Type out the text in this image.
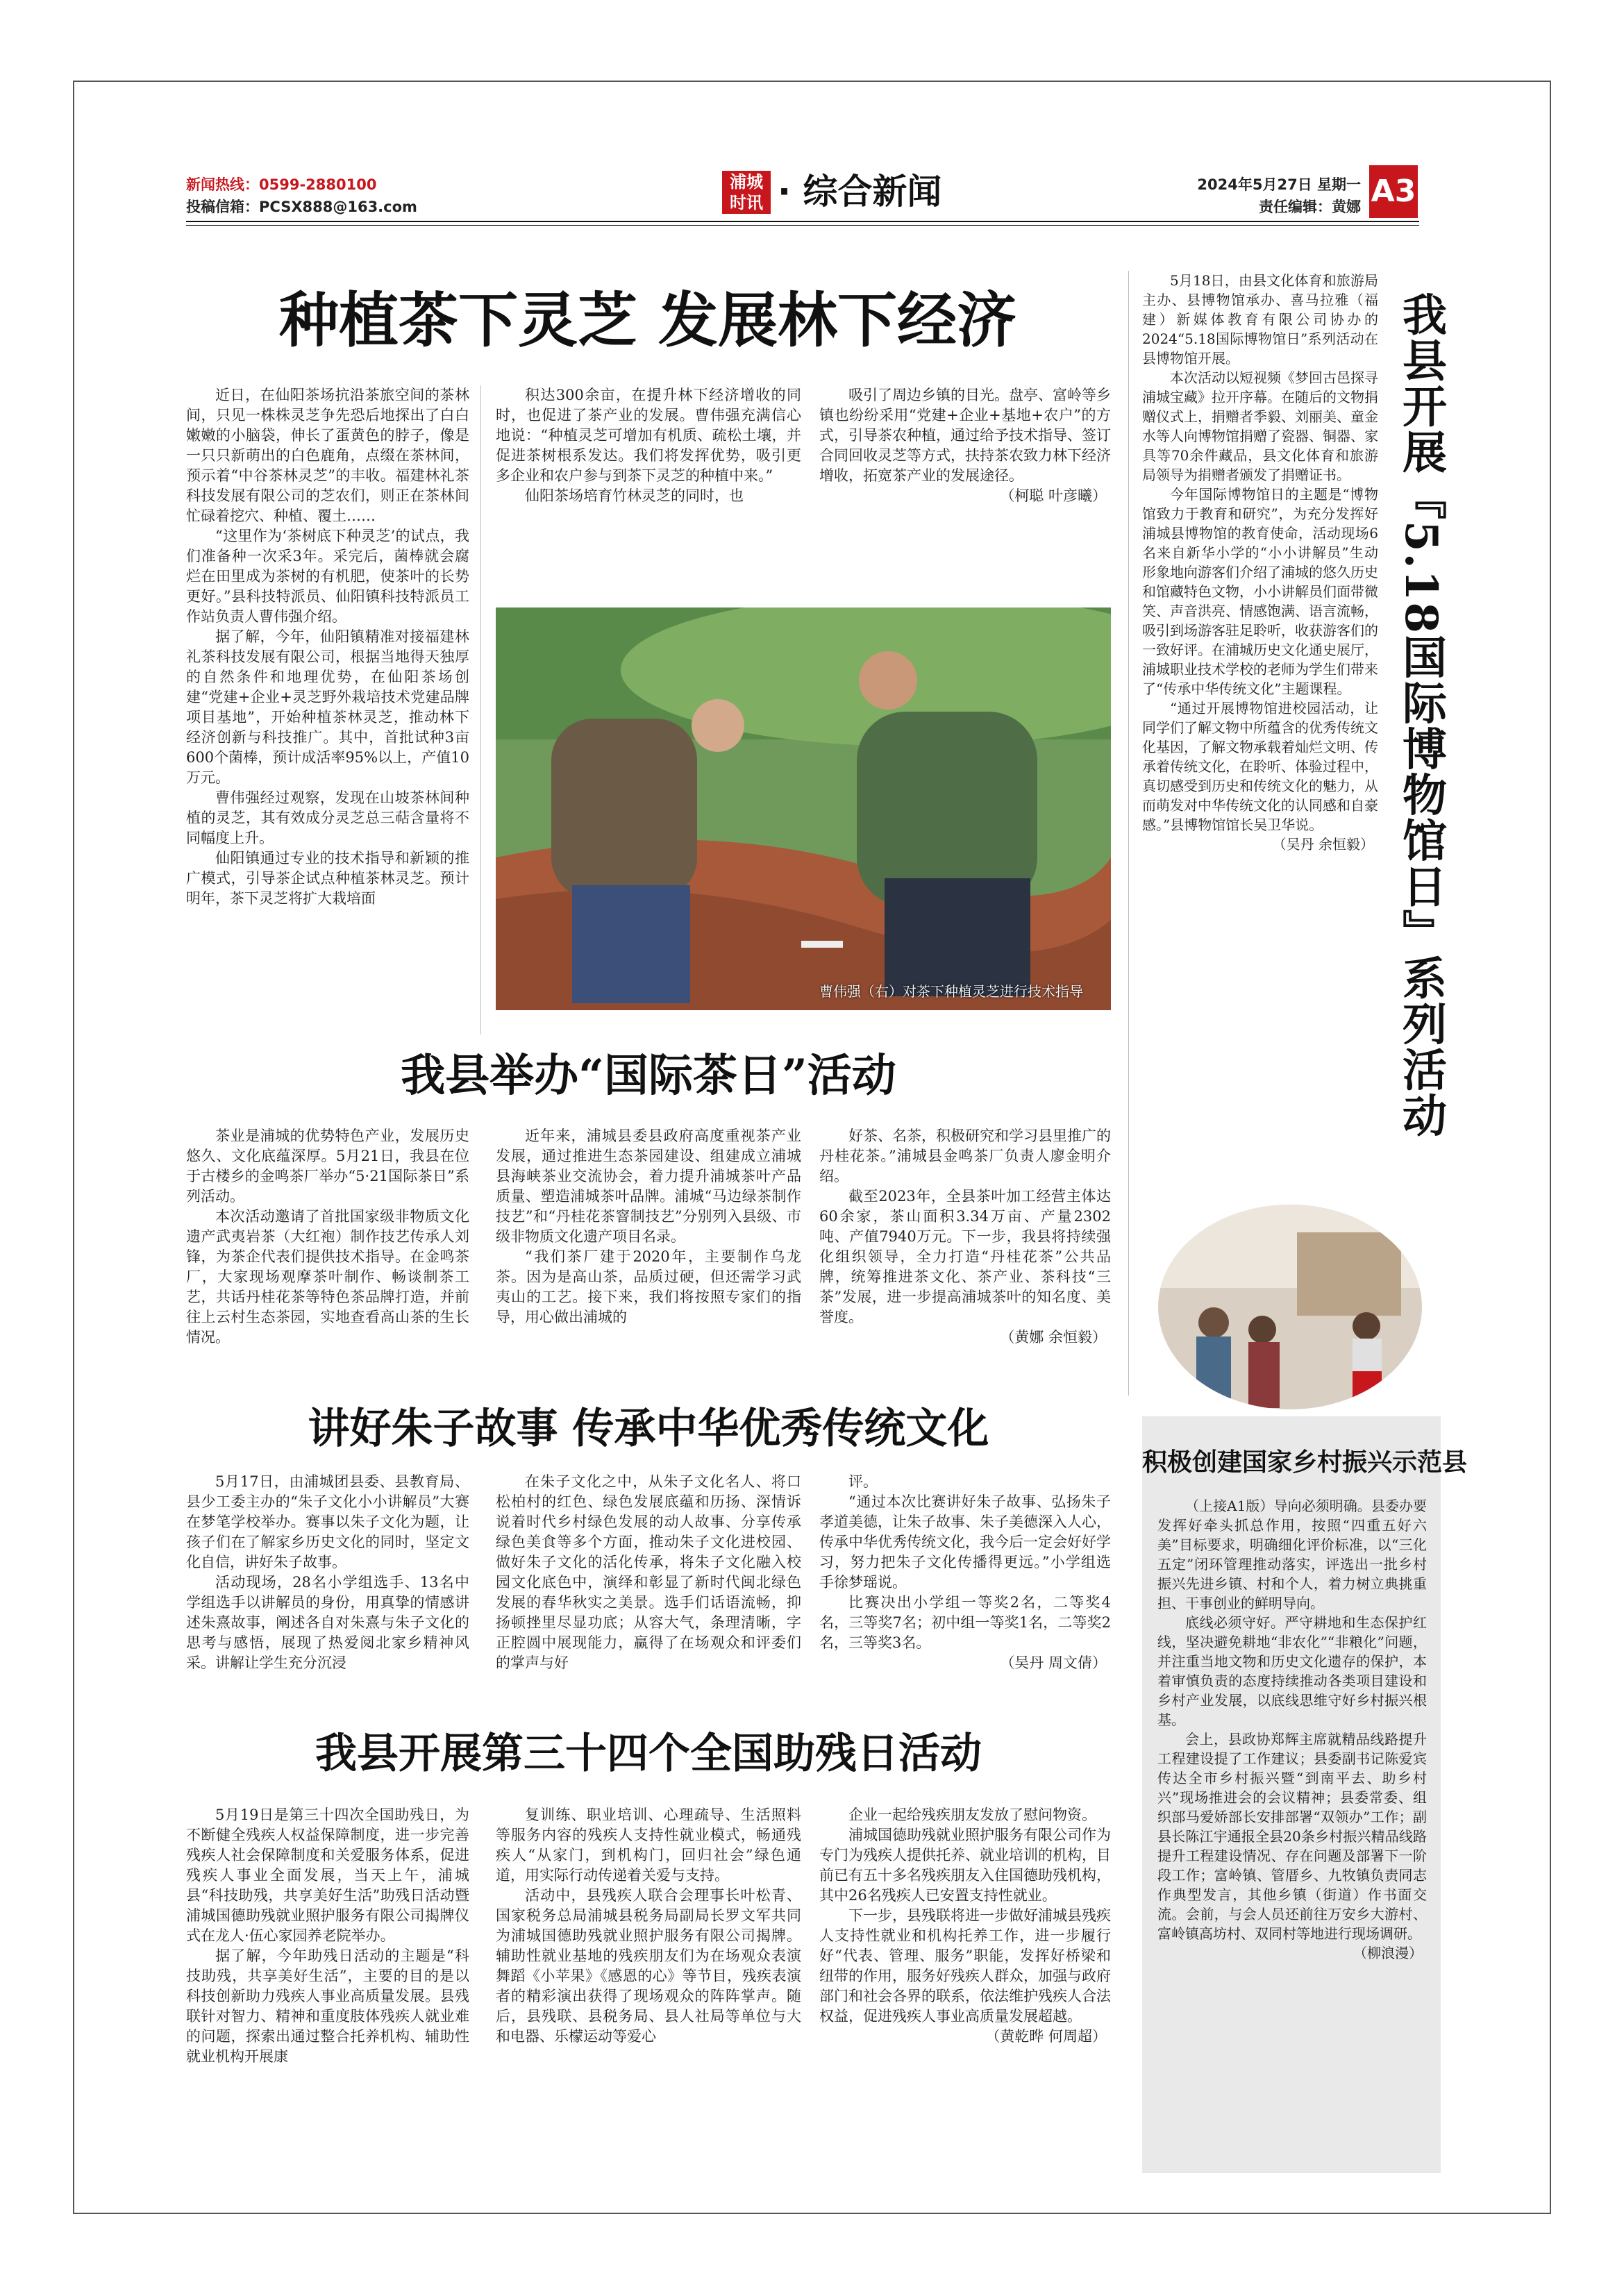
新闻热线：0599-2880100
投稿信箱：PCSX888@163.com
浦城时讯 · 综合新闻	2024年5月27日 星期一
责任编辑：黄娜 A3
种植茶下灵芝 发展林下经济

近日，在仙阳茶场抗沿茶旅空间的茶林间，只见一株株灵芝争先恐后地探出了白白嫩嫩的小脑袋，伸长了蛋黄色的脖子，像是一只只新萌出的白色鹿角，点缀在茶林间，预示着“中谷茶林灵芝”的丰收。福建林礼茶科技发展有限公司的芝农们，则正在茶林间忙碌着挖穴、种植、覆土……

“这里作为‘茶树底下种灵芝’的试点，我们准备种一次采3年。采完后，菌棒就会腐烂在田里成为茶树的有机肥，使茶叶的长势更好。”县科技特派员、仙阳镇科技特派员工作站负责人曹伟强介绍。

据了解，今年，仙阳镇精准对接福建林礼茶科技发展有限公司，根据当地得天独厚的自然条件和地理优势，在仙阳茶场创建“党建+企业+灵芝野外栽培技术党建品牌项目基地”，开始种植茶林灵芝，推动林下经济创新与科技推广。其中，首批试种3亩600个菌棒，预计成活率95%以上，产值10万元。

曹伟强经过观察，发现在山坡茶林间种植的灵芝，其有效成分灵芝总三萜含量将不同幅度上升。

仙阳镇通过专业的技术指导和新颖的推广模式，引导茶企试点种植茶林灵芝。预计明年，茶下灵芝将扩大栽培面

积达300余亩，在提升林下经济增收的同时，也促进了茶产业的发展。曹伟强充满信心地说：“种植灵芝可增加有机质、疏松土壤，并促进茶树根系发达。我们将发挥优势，吸引更多企业和农户参与到茶下灵芝的种植中来。”

仙阳茶场培育竹林灵芝的同时，也

吸引了周边乡镇的目光。盘亭、富岭等乡镇也纷纷采用“党建+企业+基地+农户”的方式，引导茶农种植，通过给予技术指导、签订合同回收灵芝等方式，扶持茶农致力林下经济增收，拓宽茶产业的发展途径。

（柯聪 叶彦曦）

曹伟强（右）对茶下种植灵芝进行技术指导
我县举办“国际茶日”活动

茶业是浦城的优势特色产业，发展历史悠久、文化底蕴深厚。5月21日，我县在位于古楼乡的金鸣茶厂举办“5·21国际茶日”系列活动。

本次活动邀请了首批国家级非物质文化遗产武夷岩茶（大红袍）制作技艺传承人刘锋，为茶企代表们提供技术指导。在金鸣茶厂，大家现场观摩茶叶制作、畅谈制茶工艺，共话丹桂花茶等特色茶品牌打造，并前往上云村生态茶园，实地查看高山茶的生长情况。

近年来，浦城县委县政府高度重视茶产业发展，通过推进生态茶园建设、组建成立浦城县海峡茶业交流协会，着力提升浦城茶叶产品质量、塑造浦城茶叶品牌。浦城“马边绿茶制作技艺”和“丹桂花茶窨制技艺”分别列入县级、市级非物质文化遗产项目名录。

“我们茶厂建于2020年，主要制作乌龙茶。因为是高山茶，品质过硬，但还需学习武夷山的工艺。接下来，我们将按照专家们的指导，用心做出浦城的

好茶、名茶，积极研究和学习县里推广的丹桂花茶。”浦城县金鸣茶厂负责人廖金明介绍。

截至2023年，全县茶叶加工经营主体达60余家，茶山面积3.34万亩、产量2302吨、产值7940万元。下一步，我县将持续强化组织领导，全力打造“丹桂花茶”公共品牌，统筹推进茶文化、茶产业、茶科技“三茶”发展，进一步提高浦城茶叶的知名度、美誉度。

（黄娜 余恒毅）

讲好朱子故事 传承中华优秀传统文化

5月17日，由浦城团县委、县教育局、县少工委主办的“朱子文化小小讲解员”大赛在梦笔学校举办。赛事以朱子文化为题，让孩子们在了解家乡历史文化的同时，坚定文化自信，讲好朱子故事。

活动现场，28名小学组选手、13名中学组选手以讲解员的身份，用真挚的情感讲述朱熹故事，阐述各自对朱熹与朱子文化的思考与感悟，展现了热爱阅北家乡精神风采。讲解让学生充分沉浸

在朱子文化之中，从朱子文化名人、将口松柏村的红色、绿色发展底蕴和历扬、深情诉说着时代乡村绿色发展的动人故事、分享传承绿色美食等多个方面，推动朱子文化进校园、做好朱子文化的活化传承，将朱子文化融入校园文化底色中，演绎和彰显了新时代闽北绿色发展的春华秋实之美景。选手们话语流畅，抑扬顿挫里尽显功底；从容大气，条理清晰，字正腔圆中展现能力，赢得了在场观众和评委们的掌声与好

评。

“通过本次比赛讲好朱子故事、弘扬朱子孝道美德，让朱子故事、朱子美德深入人心，传承中华优秀传统文化，我今后一定会好好学习，努力把朱子文化传播得更远。”小学组选手徐梦瑶说。

比赛决出小学组一等奖2名，二等奖4名，三等奖7名；初中组一等奖1名，二等奖2名，三等奖3名。

（吴丹 周文倩）

我县开展第三十四个全国助残日活动

5月19日是第三十四次全国助残日，为不断健全残疾人权益保障制度，进一步完善残疾人社会保障制度和关爱服务体系，促进残疾人事业全面发展，当天上午，浦城县“科技助残，共享美好生活”助残日活动暨浦城国德助残就业照护服务有限公司揭牌仪式在龙人·伍心家园养老院举办。

据了解，今年助残日活动的主题是“科技助残，共享美好生活”，主要的目的是以科技创新助力残疾人事业高质量发展。县残联针对智力、精神和重度肢体残疾人就业难的问题，探索出通过整合托养机构、辅助性就业机构开展康

复训练、职业培训、心理疏导、生活照料等服务内容的残疾人支持性就业模式，畅通残疾人“从家门，到机构门，回归社会”绿色通道，用实际行动传递着关爱与支持。

活动中，县残疾人联合会理事长叶松青、国家税务总局浦城县税务局副局长罗文军共同为浦城国德助残就业照护服务有限公司揭牌。辅助性就业基地的残疾朋友们为在场观众表演舞蹈《小苹果》《感恩的心》等节目，残疾表演者的精彩演出获得了现场观众的阵阵掌声。随后，县残联、县税务局、县人社局等单位与大和电器、乐檬运动等爱心

企业一起给残疾朋友发放了慰问物资。

浦城国德助残就业照护服务有限公司作为专门为残疾人提供托养、就业培训的机构，目前已有五十多名残疾朋友入住国德助残机构，其中26名残疾人已安置支持性就业。

下一步，县残联将进一步做好浦城县残疾人支持性就业和机构托养工作，进一步履行好“代表、管理、服务”职能，发挥好桥梁和纽带的作用，服务好残疾人群众，加强与政府部门和社会各界的联系，依法维护残疾人合法权益，促进残疾人事业高质量发展超越。

（黄乾晔 何周超）

5月18日，由县文化体育和旅游局主办、县博物馆承办、喜马拉雅（福建）新媒体教育有限公司协办的2024“5.18国际博物馆日”系列活动在县博物馆开展。

本次活动以短视频《梦回古邑探寻浦城宝藏》拉开序幕。在随后的文物捐赠仪式上，捐赠者季毅、刘丽美、童金水等人向博物馆捐赠了瓷器、铜器、家具等70余件藏品，县文化体育和旅游局领导为捐赠者颁发了捐赠证书。

今年国际博物馆日的主题是“博物馆致力于教育和研究”，为充分发挥好浦城县博物馆的教育使命，活动现场6名来自新华小学的“小小讲解员”生动形象地向游客们介绍了浦城的悠久历史和馆藏特色文物，小小讲解员们面带微笑、声音洪亮、情感饱满、语言流畅，吸引到场游客驻足聆听，收获游客们的一致好评。在浦城历史文化通史展厅，浦城职业技术学校的老师为学生们带来了“传承中华传统文化”主题课程。

“通过开展博物馆进校园活动，让同学们了解文物中所蕴含的优秀传统文化基因，了解文物承载着灿烂文明、传承着传统文化，在聆听、体验过程中，真切感受到历史和传统文化的魅力，从而萌发对中华传统文化的认同感和自豪感。”县博物馆馆长吴卫华说。

（吴丹 余恒毅） 我县开展『5.18国际博物馆日』系列活动
积极创建国家乡村振兴示范县

（上接A1版）导向必须明确。县委办要发挥好牵头抓总作用，按照“四重五好六美”目标要求，明确细化评价标准，以“三化五定”闭环管理推动落实，评选出一批乡村振兴先进乡镇、村和个人，着力树立典挑重担、干事创业的鲜明导向。

底线必须守好。严守耕地和生态保护红线，坚决避免耕地“非农化”“非粮化”问题，并注重当地文物和历史文化遗存的保护，本着审慎负责的态度持续推动各类项目建设和乡村产业发展，以底线思维守好乡村振兴根基。

会上，县政协郑辉主席就精品线路提升工程建设提了工作建议；县委副书记陈爱宾传达全市乡村振兴暨“到南平去、助乡村兴”现场推进会的会议精神；县委常委、组织部马爱娇部长安排部署“双领办”工作；副县长陈江宇通报全县20条乡村振兴精品线路提升工程建设情况、存在问题及部署下一阶段工作；富岭镇、管厝乡、九牧镇负责同志作典型发言，其他乡镇（街道）作书面交流。会前，与会人员还前往万安乡大游村、富岭镇高坊村、双同村等地进行现场调研。

（柳浪漫）
